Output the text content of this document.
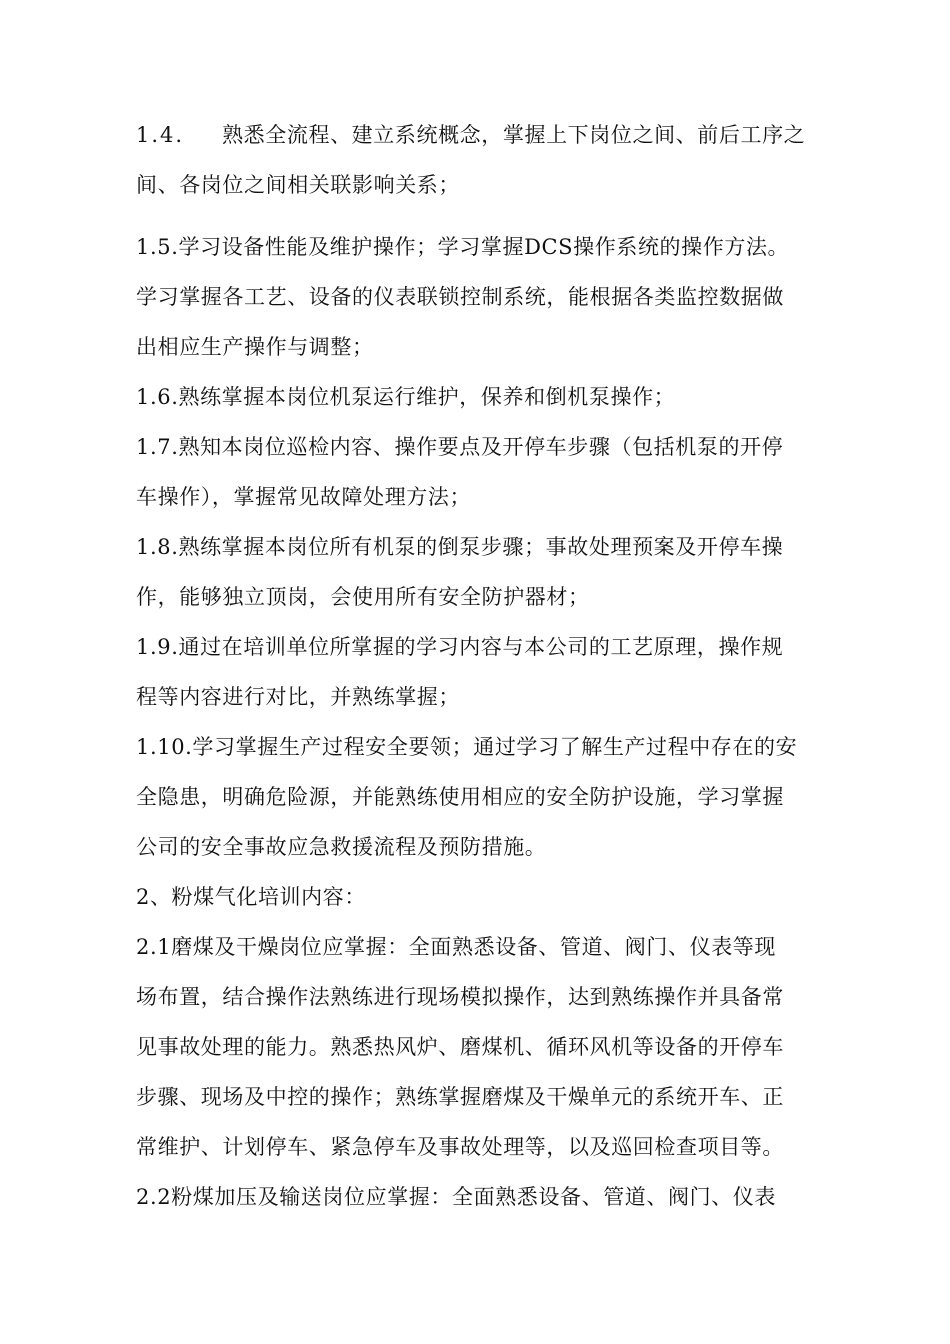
1.4. 熟悉全流程、建立系统概念，掌握上下岗位之间、前后工序之
间、各岗位之间相关联影响关系；
1.5.学习设备性能及维护操作；学习掌握DCS操作系统的操作方法。
学习掌握各工艺、设备的仪表联锁控制系统，能根据各类监控数据做
出相应生产操作与调整；
1.6.熟练掌握本岗位机泵运行维护，保养和倒机泵操作；
1.7.熟知本岗位巡检内容、操作要点及开停车步骤（包括机泵的开停
车操作），掌握常见故障处理方法；
1.8.熟练掌握本岗位所有机泵的倒泵步骤；事故处理预案及开停车操
作，能够独立顶岗，会使用所有安全防护器材；
1.9.通过在培训单位所掌握的学习内容与本公司的工艺原理，操作规
程等内容进行对比，并熟练掌握；
1.10.学习掌握生产过程安全要领；通过学习了解生产过程中存在的安
全隐患，明确危险源，并能熟练使用相应的安全防护设施，学习掌握
公司的安全事故应急救援流程及预防措施。
2、粉煤气化培训内容：
2.1磨煤及干燥岗位应掌握：全面熟悉设备、管道、阀门、仪表等现
场布置，结合操作法熟练进行现场模拟操作，达到熟练操作并具备常
见事故处理的能力。熟悉热风炉、磨煤机、循环风机等设备的开停车
步骤、现场及中控的操作；熟练掌握磨煤及干燥单元的系统开车、正
常维护、计划停车、紧急停车及事故处理等，以及巡回检查项目等。
2.2粉煤加压及输送岗位应掌握：全面熟悉设备、管道、阀门、仪表
